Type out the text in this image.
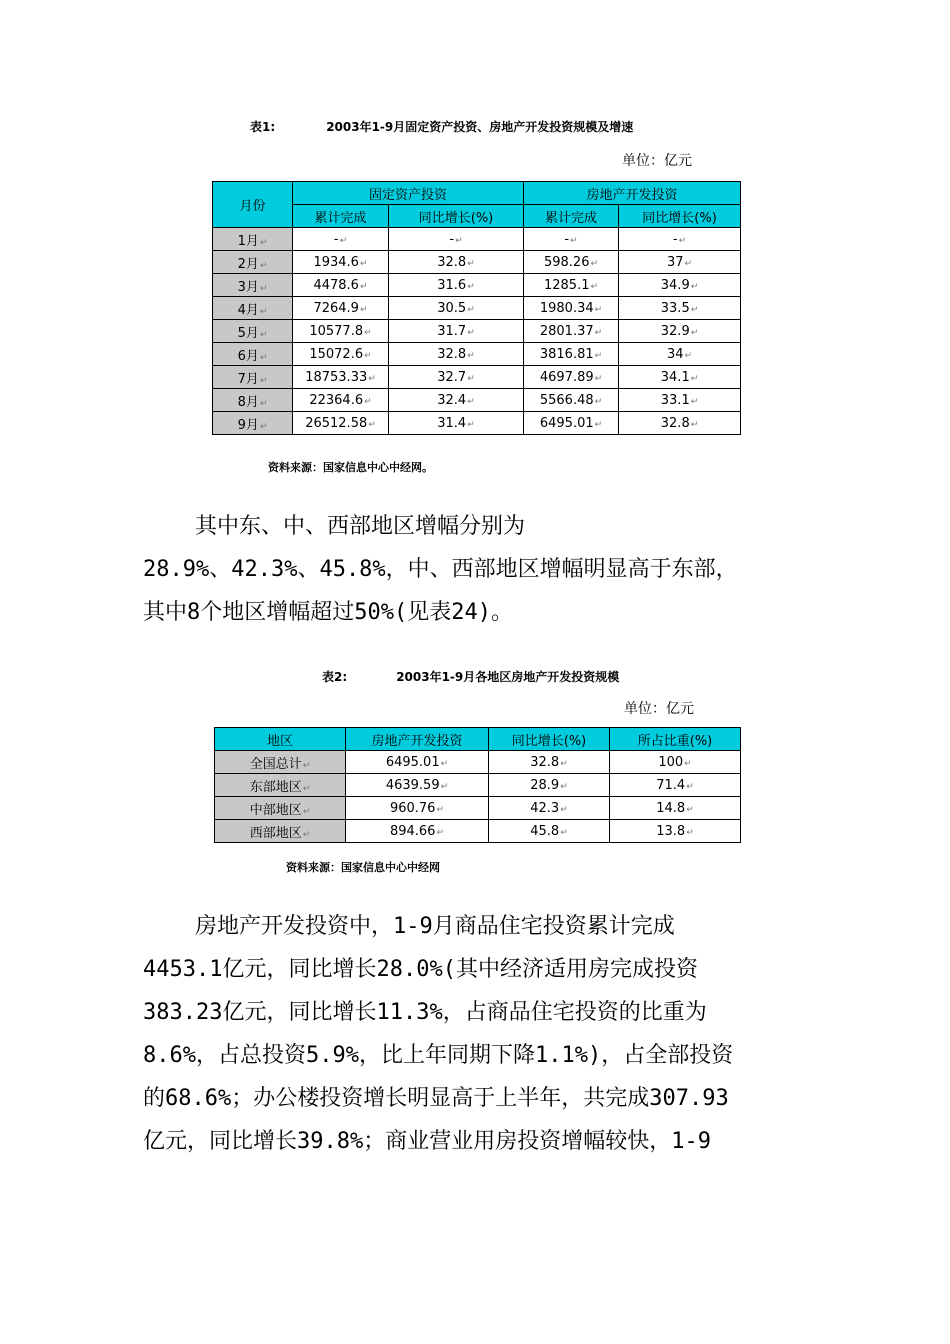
表1:	2003年1-9月固定资产投资、房地产开发投资规模及增速
单位：亿元
月份	固定资产投资		房地产开发投资	
	累计完成	同比增长(%)	累计完成	同比增长(%)
1月↵	-↵	-↵	-↵	-↵
2月↵	1934.6↵	32.8↵	598.26↵	37↵
3月↵	4478.6↵	31.6↵	1285.1↵	34.9↵
4月↵	7264.9↵	30.5↵	1980.34↵	33.5↵
5月↵	10577.8↵	31.7↵	2801.37↵	32.9↵
6月↵	15072.6↵	32.8↵	3816.81↵	34↵
7月↵	18753.33↵	32.7↵	4697.89↵	34.1↵
8月↵	22364.6↵	32.4↵	5566.48↵	33.1↵
9月↵	26512.58↵	31.4↵	6495.01↵	32.8↵
资料来源：国家信息中心中经网。
其中东、中、西部地区增幅分别为
28.9%、42.3%、45.8%，中、西部地区增幅明显高于东部，
其中8个地区增幅超过50%(见表24)。
表2:	2003年1-9月各地区房地产开发投资规模
单位：亿元
地区	房地产开发投资	同比增长(%)	所占比重(%)
全国总计↵	6495.01↵	32.8↵	100↵
东部地区↵	4639.59↵	28.9↵	71.4↵
中部地区↵	960.76↵	42.3↵	14.8↵
西部地区↵	894.66↵	45.8↵	13.8↵
资料来源：国家信息中心中经网
房地产开发投资中，1-9月商品住宅投资累计完成
4453.1亿元，同比增长28.0%(其中经济适用房完成投资
383.23亿元，同比增长11.3%，占商品住宅投资的比重为
8.6%，占总投资5.9%，比上年同期下降1.1%)，占全部投资
的68.6%；办公楼投资增长明显高于上半年，共完成307.93
亿元，同比增长39.8%；商业营业用房投资增幅较快，1-9
